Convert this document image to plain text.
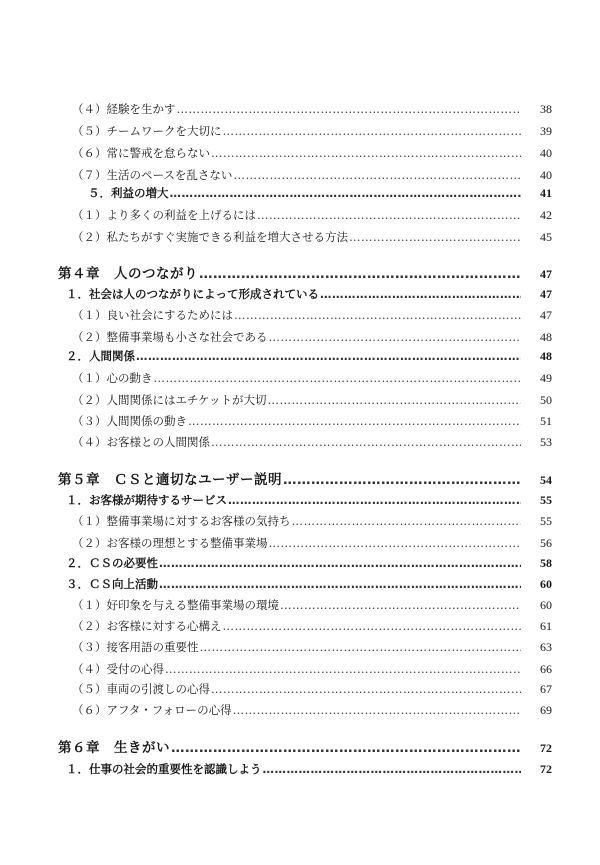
（４）経験を生かす …………………………………………………………………………………………………………………………………………………………………………………………………………	38
（５）チームワークを大切に …………………………………………………………………………………………………………………………………………………………………………………………………………	39
（６）常に警戒を怠らない …………………………………………………………………………………………………………………………………………………………………………………………………………	40
（７）生活のペースを乱さない …………………………………………………………………………………………………………………………………………………………………………………………………………	40
５．利益の増大 …………………………………………………………………………………………………………………………………………………………………………………………………………	41
（１）より多くの利益を上げるには …………………………………………………………………………………………………………………………………………………………………………………………………………	42
（２）私たちがすぐ実施できる利益を増大させる方法 …………………………………………………………………………………………………………………………………………………………………………………………………………	45
第４章　人のつながり …………………………………………………………………………………………………………………………………………………………………………………………………………	47
１．社会は人のつながりによって形成されている …………………………………………………………………………………………………………………………………………………………………………………………………………	47
（１）良い社会にするためには …………………………………………………………………………………………………………………………………………………………………………………………………………	47
（２）整備事業場も小さな社会である …………………………………………………………………………………………………………………………………………………………………………………………………………	48
２．人間関係 …………………………………………………………………………………………………………………………………………………………………………………………………………	48
（１）心の動き …………………………………………………………………………………………………………………………………………………………………………………………………………	49
（２）人間関係にはエチケットが大切 …………………………………………………………………………………………………………………………………………………………………………………………………………	50
（３）人間関係の動き …………………………………………………………………………………………………………………………………………………………………………………………………………	51
（４）お客様との人間関係 …………………………………………………………………………………………………………………………………………………………………………………………………………	53
第５章　ＣＳと適切なユーザー説明 …………………………………………………………………………………………………………………………………………………………………………………………………………	54
１．お客様が期待するサービス …………………………………………………………………………………………………………………………………………………………………………………………………………	55
（１）整備事業場に対するお客様の気持ち …………………………………………………………………………………………………………………………………………………………………………………………………………	55
（２）お客様の理想とする整備事業場 …………………………………………………………………………………………………………………………………………………………………………………………………………	56
２．ＣＳの必要性 …………………………………………………………………………………………………………………………………………………………………………………………………………	58
３．ＣＳ向上活動 …………………………………………………………………………………………………………………………………………………………………………………………………………	60
（１）好印象を与える整備事業場の環境 …………………………………………………………………………………………………………………………………………………………………………………………………………	60
（２）お客様に対する心構え …………………………………………………………………………………………………………………………………………………………………………………………………………	61
（３）接客用語の重要性 …………………………………………………………………………………………………………………………………………………………………………………………………………	63
（４）受付の心得 …………………………………………………………………………………………………………………………………………………………………………………………………………	66
（５）車両の引渡しの心得 …………………………………………………………………………………………………………………………………………………………………………………………………………	67
（６）アフタ・フォローの心得 …………………………………………………………………………………………………………………………………………………………………………………………………………	69
第６章　生きがい …………………………………………………………………………………………………………………………………………………………………………………………………………	72
１．仕事の社会的重要性を認識しよう …………………………………………………………………………………………………………………………………………………………………………………………………………	72
